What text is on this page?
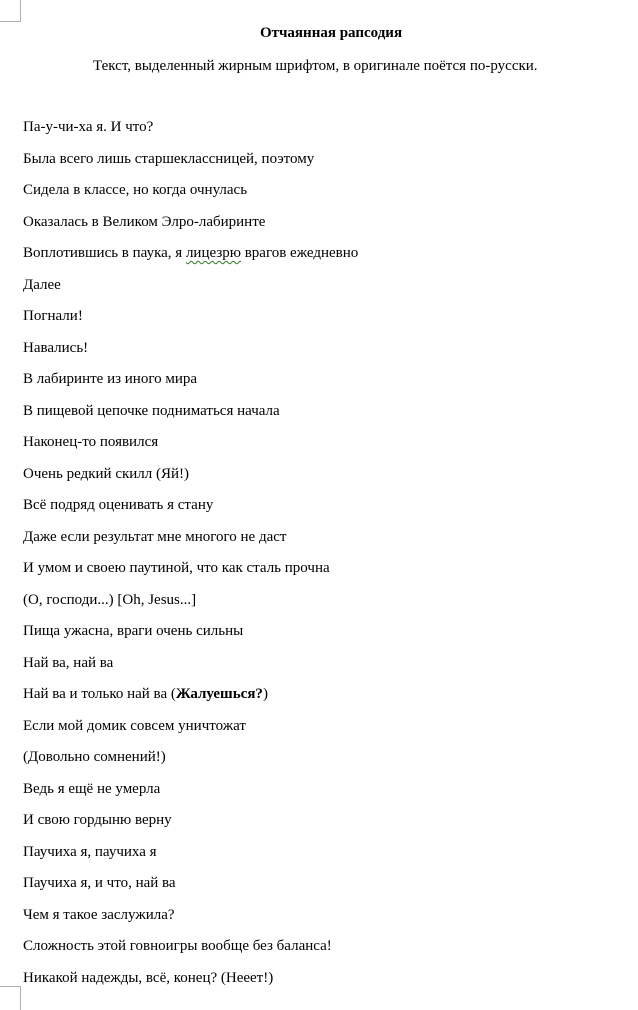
Отчаянная рапсодия
Текст, выделенный жирным шрифтом, в оригинале поётся по-русски.
Па-у-чи-ха я. И что?
Была всего лишь старшеклассницей, поэтому
Сидела в классе, но когда очнулась
Оказалась в Великом Элро-лабиринте
Воплотившись в паука, я лицезрю врагов ежедневно
Далее
Погнали!
Навались!
В лабиринте из иного мира
В пищевой цепочке подниматься начала
Наконец-то появился
Очень редкий скилл (Яй!)
Всё подряд оценивать я стану
Даже если результат мне многого не даст
И умом и своею паутиной, что как сталь прочна
(О, господи...) [Oh, Jesus...]
Пища ужасна, враги очень сильны
Най ва, най ва
Най ва и только най ва (Жалуешься?)
Если мой домик совсем уничтожат
(Довольно сомнений!)
Ведь я ещё не умерла
И свою гордыню верну
Паучиха я, паучиха я
Паучиха я, и что, най ва
Чем я такое заслужила?
Сложность этой говноигры вообще без баланса!
Никакой надежды, всё, конец? (Нееет!)
